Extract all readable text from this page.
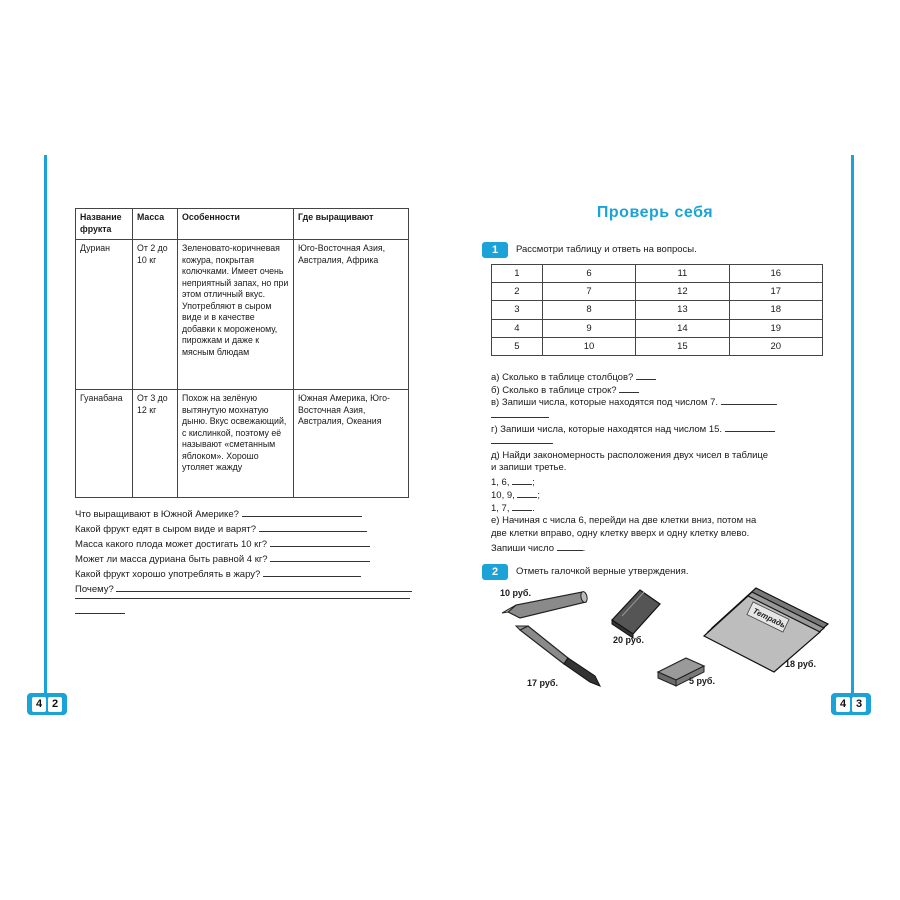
Название фрукта	Масса	Особенности	Где выращивают
Дуриан	От 2 до 10 кг	Зеленовато-коричневая кожура, покрытая колючками. Имеет очень неприятный запах, но при этом отличный вкус. Употребляют в сыром виде и в качестве добавки к мороженому, пирожкам и даже к мясным блюдам	Юго-Восточная Азия, Австралия, Африка
Гуанабана	От 3 до 12 кг	Похож на зелёную вытянутую мохнатую дыню. Вкус освежающий, с кислинкой, поэтому её называют «сметанным яблоком». Хорошо утоляет жажду	Южная Америка, Юго-Восточная Азия, Австралия, Океания
Что выращивают в Южной Америке?
Какой фрукт едят в сыром виде и варят?
Масса какого плода может достигать 10 кг?
Может ли масса дуриана быть равной 4 кг?
Какой фрукт хорошо употреблять в жару?
Почему?
4 2
Проверь себя
1	Рассмотри таблицу и ответь на вопросы.
1	6	11	16
2	7	12	17
3	8	13	18
4	9	14	19
5	10	15	20
а) Сколько в таблице столбцов?
б) Сколько в таблице строк?
в) Запиши числа, которые находятся под числом 7.
г) Запиши числа, которые находятся над числом 15.
д) Найди закономерность расположения двух чисел в таблице
и запиши третье.
1, 6, ;
10, 9, ;
1, 7, .
е) Начиная с числа 6, перейди на две клетки вниз, потом на
две клетки вправо, одну клетку вверх и одну клетку влево.
Запиши число	.
2	Отметь галочкой верные утверждения.
Тетрадь
10 руб.
20 руб.
18 руб.
17 руб.	5 руб.
4 3
